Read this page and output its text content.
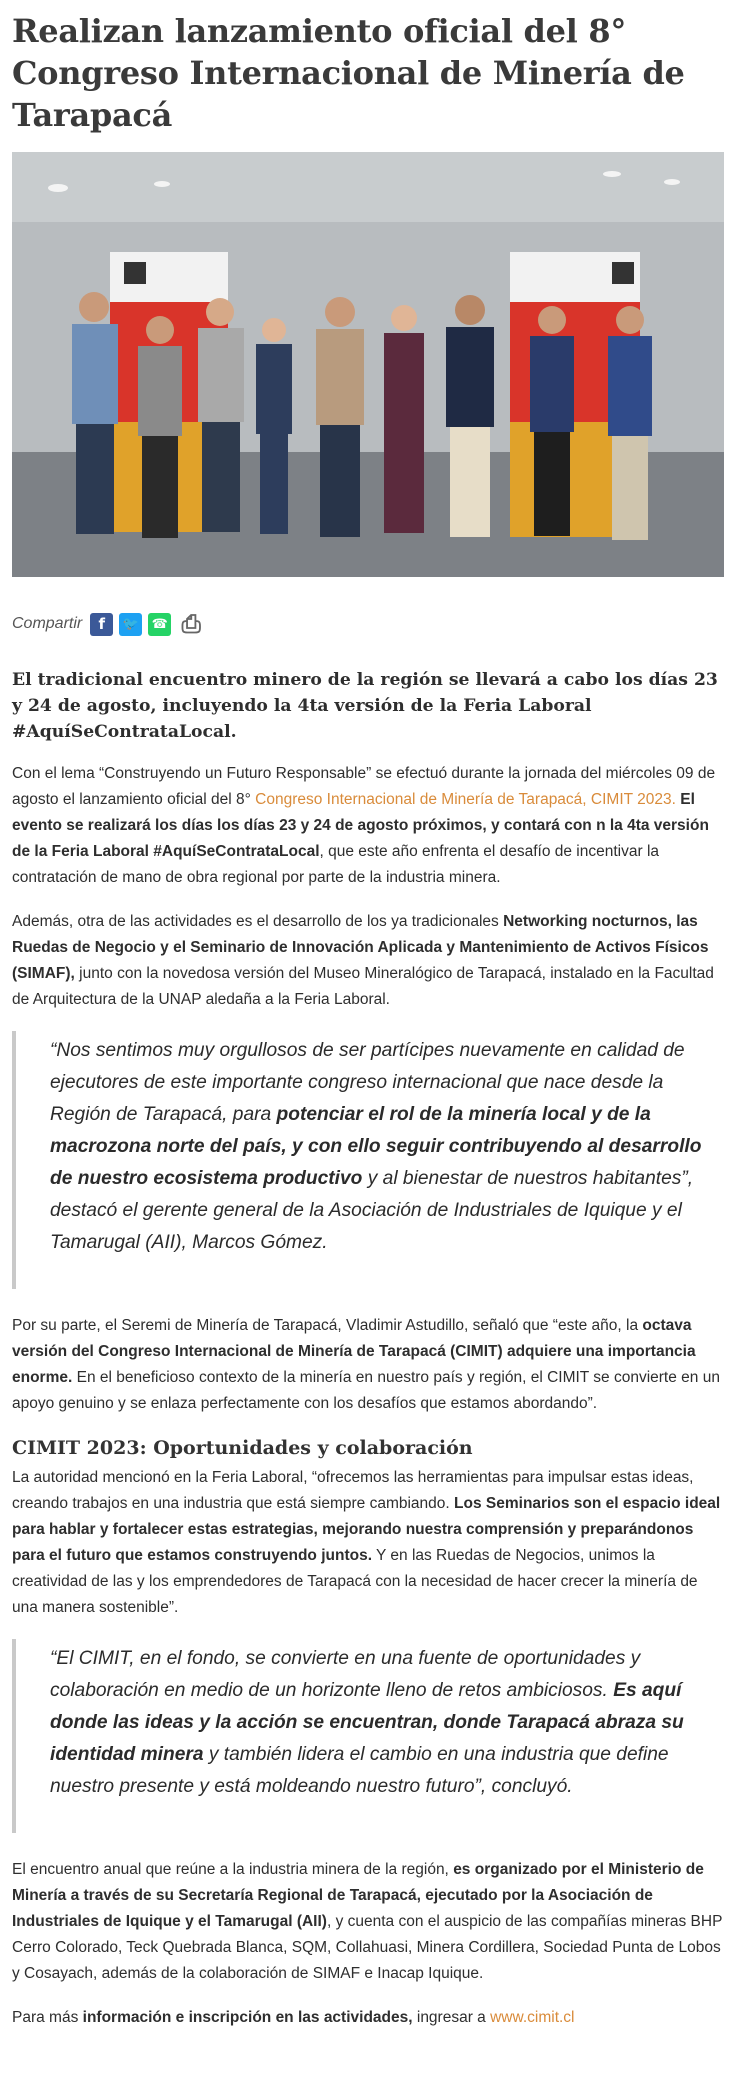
Realizan lanzamiento oficial del 8° Congreso Internacional de Minería de Tarapacá
Compartir	f	🐦 ☎ ⎙

El tradicional encuentro minero de la región se llevará a cabo los días 23 y 24 de agosto, incluyendo la 4ta versión de la Feria Laboral #AquíSeContrataLocal.

Con el lema “Construyendo un Futuro Responsable” se efectuó durante la jornada del miércoles 09 de agosto el lanzamiento oficial del 8° Congreso Internacional de Minería de Tarapacá, CIMIT 2023. El evento se realizará los días los días 23 y 24 de agosto próximos, y contará con n la 4ta versión de la Feria Laboral #AquíSeContrataLocal, que este año enfrenta el desafío de incentivar la contratación de mano de obra regional por parte de la industria minera.

Además, otra de las actividades es el desarrollo de los ya tradicionales Networking nocturnos, las Ruedas de Negocio y el Seminario de Innovación Aplicada y Mantenimiento de Activos Físicos (SIMAF), junto con la novedosa versión del Museo Mineralógico de Tarapacá, instalado en la Facultad de Arquitectura de la UNAP aledaña a la Feria Laboral.

“Nos sentimos muy orgullosos de ser partícipes nuevamente en calidad de ejecutores de este importante congreso internacional que nace desde la Región de Tarapacá, para potenciar el rol de la minería local y de la macrozona norte del país, y con ello seguir contribuyendo al desarrollo de nuestro ecosistema productivo y al bienestar de nuestros habitantes”, destacó el gerente general de la Asociación de Industriales de Iquique y el Tamarugal (AII), Marcos Gómez.

Por su parte, el Seremi de Minería de Tarapacá, Vladimir Astudillo, señaló que “este año, la octava versión del Congreso Internacional de Minería de Tarapacá (CIMIT) adquiere una importancia enorme. En el beneficioso contexto de la minería en nuestro país y región, el CIMIT se convierte en un apoyo genuino y se enlaza perfectamente con los desafíos que estamos abordando”.

CIMIT 2023: Oportunidades y colaboración

La autoridad mencionó en la Feria Laboral, “ofrecemos las herramientas para impulsar estas ideas, creando trabajos en una industria que está siempre cambiando. Los Seminarios son el espacio ideal para hablar y fortalecer estas estrategias, mejorando nuestra comprensión y preparándonos para el futuro que estamos construyendo juntos. Y en las Ruedas de Negocios, unimos la creatividad de las y los emprendedores de Tarapacá con la necesidad de hacer crecer la minería de una manera sostenible”.

“El CIMIT, en el fondo, se convierte en una fuente de oportunidades y colaboración en medio de un horizonte lleno de retos ambiciosos. Es aquí donde las ideas y la acción se encuentran, donde Tarapacá abraza su identidad minera y también lidera el cambio en una industria que define nuestro presente y está moldeando nuestro futuro”, concluyó.

El encuentro anual que reúne a la industria minera de la región, es organizado por el Ministerio de Minería a través de su Secretaría Regional de Tarapacá, ejecutado por la Asociación de Industriales de Iquique y el Tamarugal (AII), y cuenta con el auspicio de las compañías mineras BHP Cerro Colorado, Teck Quebrada Blanca, SQM, Collahuasi, Minera Cordillera, Sociedad Punta de Lobos y Cosayach, además de la colaboración de SIMAF e Inacap Iquique.

Para más información e inscripción en las actividades, ingresar a www.cimit.cl
